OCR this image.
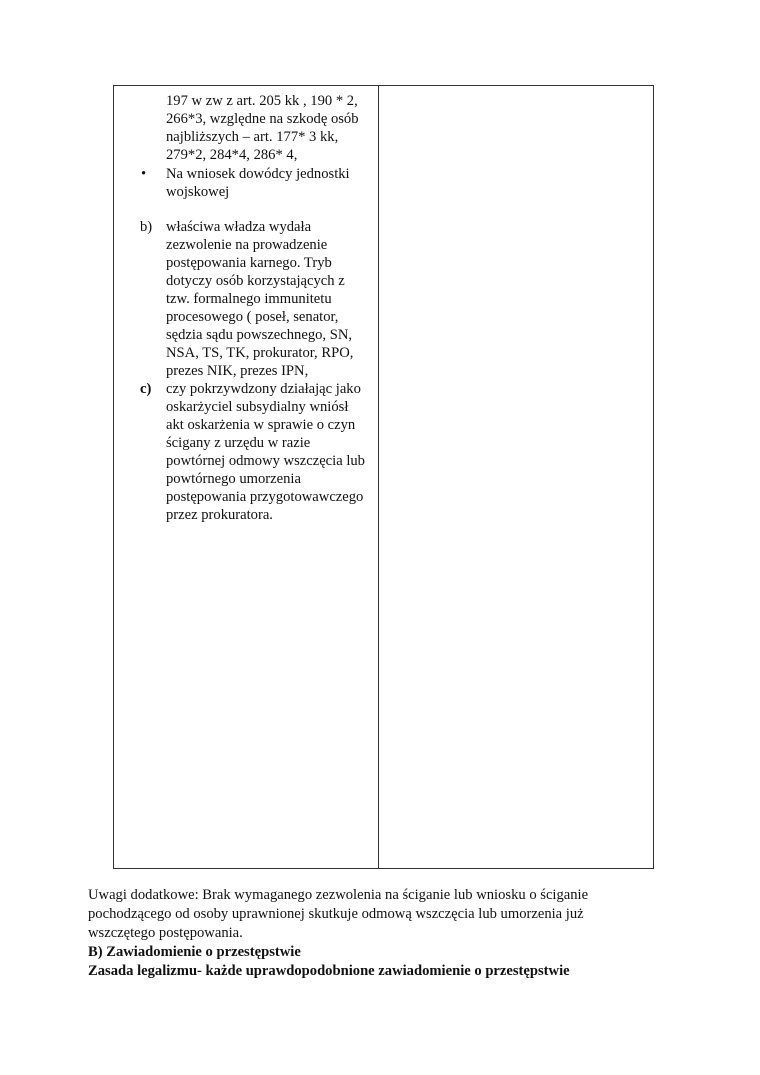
197 w zw z art. 205 kk , 190 * 2,
266*3, względne na szkodę osób
najbliższych – art. 177* 3 kk,
279*2, 284*4, 286* 4,
• Na wniosek dowódcy jednostki
wojskowej
b) właściwa władza wydała
zezwolenie na prowadzenie
postępowania karnego. Tryb
dotyczy osób korzystających z
tzw. formalnego immunitetu
procesowego ( poseł, senator,
sędzia sądu powszechnego, SN,
NSA, TS, TK, prokurator, RPO,
prezes NIK, prezes IPN,
c) czy pokrzywdzony działając jako
oskarżyciel subsydialny wniósł
akt oskarżenia w sprawie o czyn
ścigany z urzędu w razie
powtórnej odmowy wszczęcia lub
powtórnego umorzenia
postępowania przygotowawczego
przez prokuratora.
Uwagi dodatkowe: Brak wymaganego zezwolenia na ściganie lub wniosku o ściganie
pochodzącego od osoby uprawnionej skutkuje odmową wszczęcia lub umorzenia już
wszczętego postępowania.
B) Zawiadomienie o przestępstwie
Zasada legalizmu- każde uprawdopodobnione zawiadomienie o przestępstwie
